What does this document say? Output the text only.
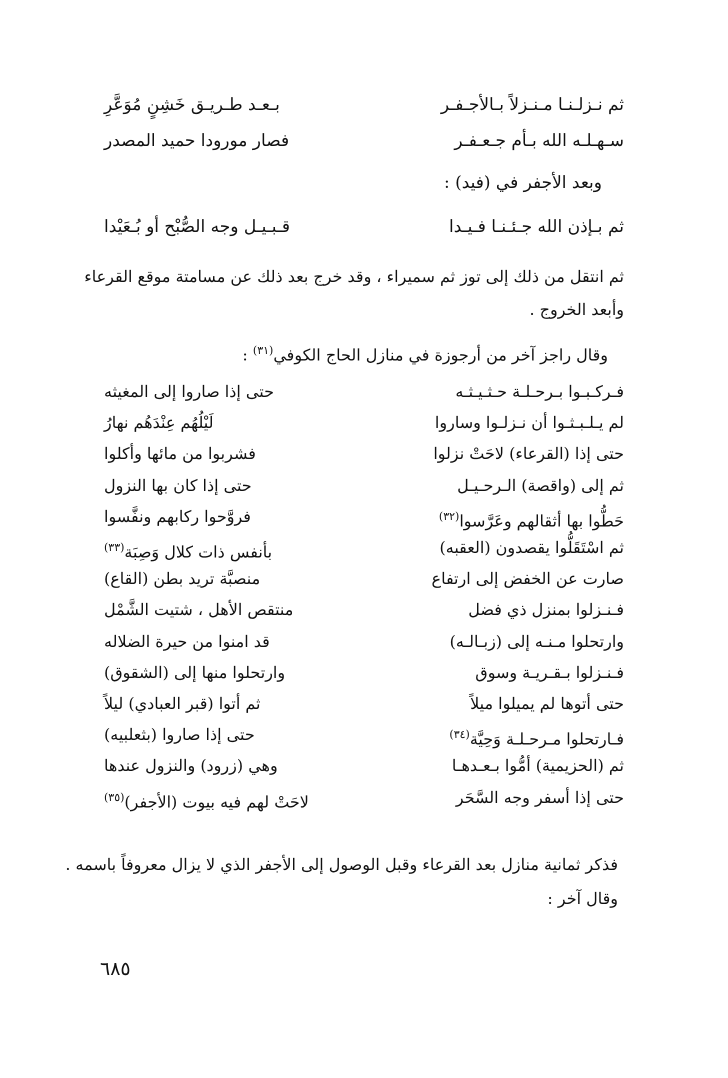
ثم نـزلـنـا مـنـزلاً بـالأجـفـر
بـعـد طـريـق خَشِنٍ مُوَعَّرِ
سـهـلـه الله بـأم جـعـفـر
فصار مورودا حميد المصدر
وبعد الأجفر في (فيد) :
ثم بـإذن الله جـئـنـا فـيـدا
قـبـيـل وجه الصُّبْح أو بُـعَيْدا
ثم انتقل من ذلك إلى توز ثم سميراء ، وقد خرج بعد ذلك عن مسامتة موقع القرعاء
وأبعد الخروج .
وقال راجز آخر من أرجوزة في منازل الحاج الكوفي$^{(٣١)}$ :
فـركـبـوا بـرحـلـة حـثـيـثـه
لم يـلـبـثـوا أن نـزلـوا وساروا
حتى إذا (القرعاء) لاحَتْ نزلوا
ثم إلى (واقصة) الـرحـيـل
حَطُّوا بها أثقالهم وعَرَّسوا$^{(٣٢)}$
ثم اسْتَقَلُّوا يقصدون (العقبه)
صارت عن الخفض إلى ارتفاع
فـنـزلوا بمنزل ذي فضل
وارتحلوا مـنـه إلى (زبـالـه)
فـنـزلوا بـقـريـة وسوق
حتى أتوها لم يميلوا ميلاً
فـارتحلوا مـرحـلـة وَحِيَّة$^{(٣٤)}$
ثم (الحزيمية) أمُّوا بـعـدهـا
حتى إذا أسفر وجه السَّحَر
حتى إذا صاروا إلى المغيثه
لَيْلُهُم عِنْدَهُم نهارُ
فشربوا من مائها وأكلوا
حتى إذا كان بها النزول
فروَّحوا ركابهم ونفَّسوا
بأنفس ذات كلال وَصِبَة$^{(٣٣)}$
منصبَّة تريد بطن (القاع)
منتقص الأهل ، شتيت الشَّمْل
قد امنوا من حيرة الضلاله
وارتحلوا منها إلى (الشقوق)
ثم أتوا (قبر العبادي) ليلاً
حتى إذا صاروا (بثعلبيه)
وهي (زرود) والنزول عندها
لاحَتْ لهم فيه بيوت (الأجفر)$^{(٣٥)}$
فذكر ثمانية منازل بعد القرعاء وقبل الوصول إلى الأجفر الذي لا يزال معروفاً باسمه .
وقال آخر :
٦٨٥
